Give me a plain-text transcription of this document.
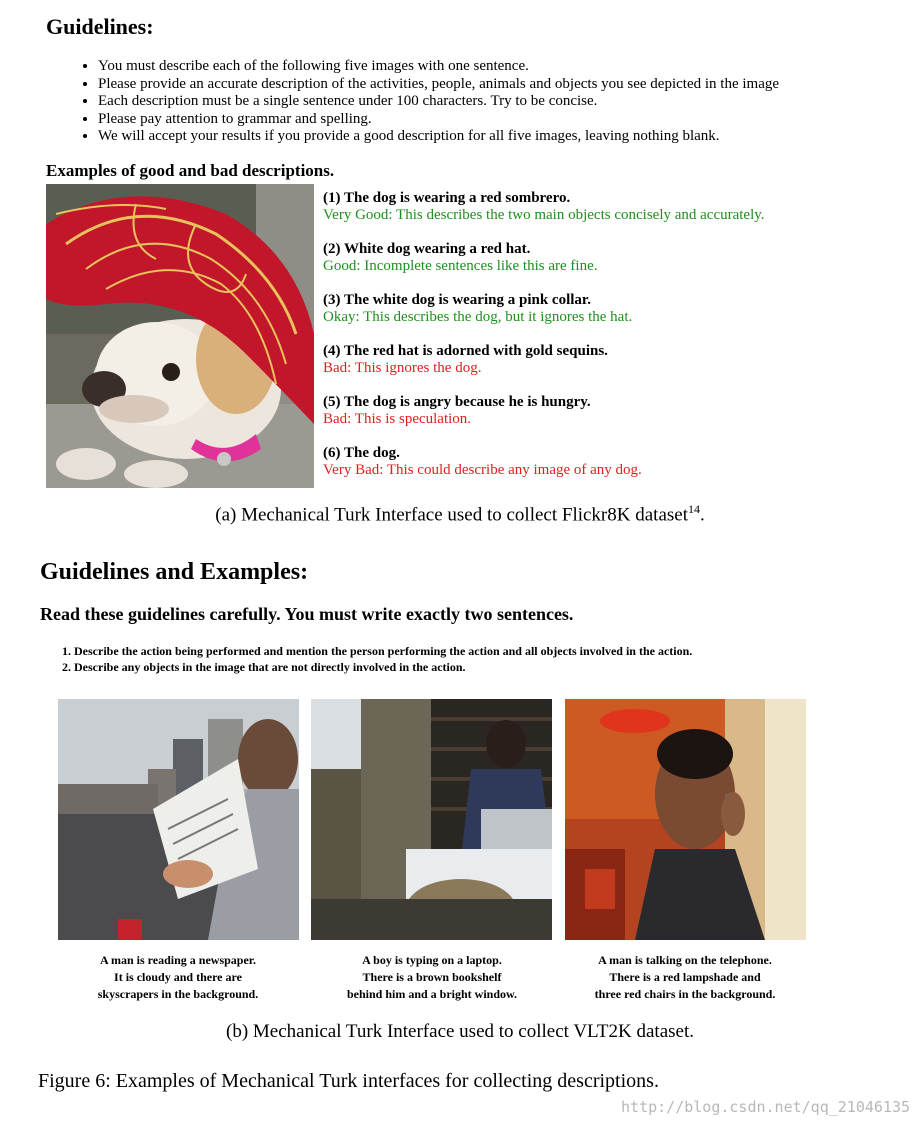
Guidelines:
• You must describe each of the following five images with one sentence.
• Please provide an accurate description of the activities, people, animals and objects you see depicted in the image
• Each description must be a single sentence under 100 characters. Try to be concise.
• Please pay attention to grammar and spelling.
• We will accept your results if you provide a good description for all five images, leaving nothing blank.
Examples of good and bad descriptions.
(1) The dog is wearing a red sombrero.
Very Good: This describes the two main objects concisely and accurately.
(2) White dog wearing a red hat.
Good: Incomplete sentences like this are fine.
(3) The white dog is wearing a pink collar.
Okay: This describes the dog, but it ignores the hat.
(4) The red hat is adorned with gold sequins.
Bad: This ignores the dog.
(5) The dog is angry because he is hungry.
Bad: This is speculation.
(6) The dog.
Very Bad: This could describe any image of any dog.
(a) Mechanical Turk Interface used to collect Flickr8K dataset$^{14}$.
Guidelines and Examples:
Read these guidelines carefully. You must write exactly two sentences.
1. Describe the action being performed and mention the person performing the action and all objects involved in the action.
2. Describe any objects in the image that are not directly involved in the action.
A man is reading a newspaper.
It is cloudy and there are
skyscrapers in the background.
A boy is typing on a laptop.
There is a brown bookshelf
behind him and a bright window.
A man is talking on the telephone.
There is a red lampshade and
three red chairs in the background.
(b) Mechanical Turk Interface used to collect VLT2K dataset.
Figure 6: Examples of Mechanical Turk interfaces for collecting descriptions.
http://blog.csdn.net/qq_21046135
